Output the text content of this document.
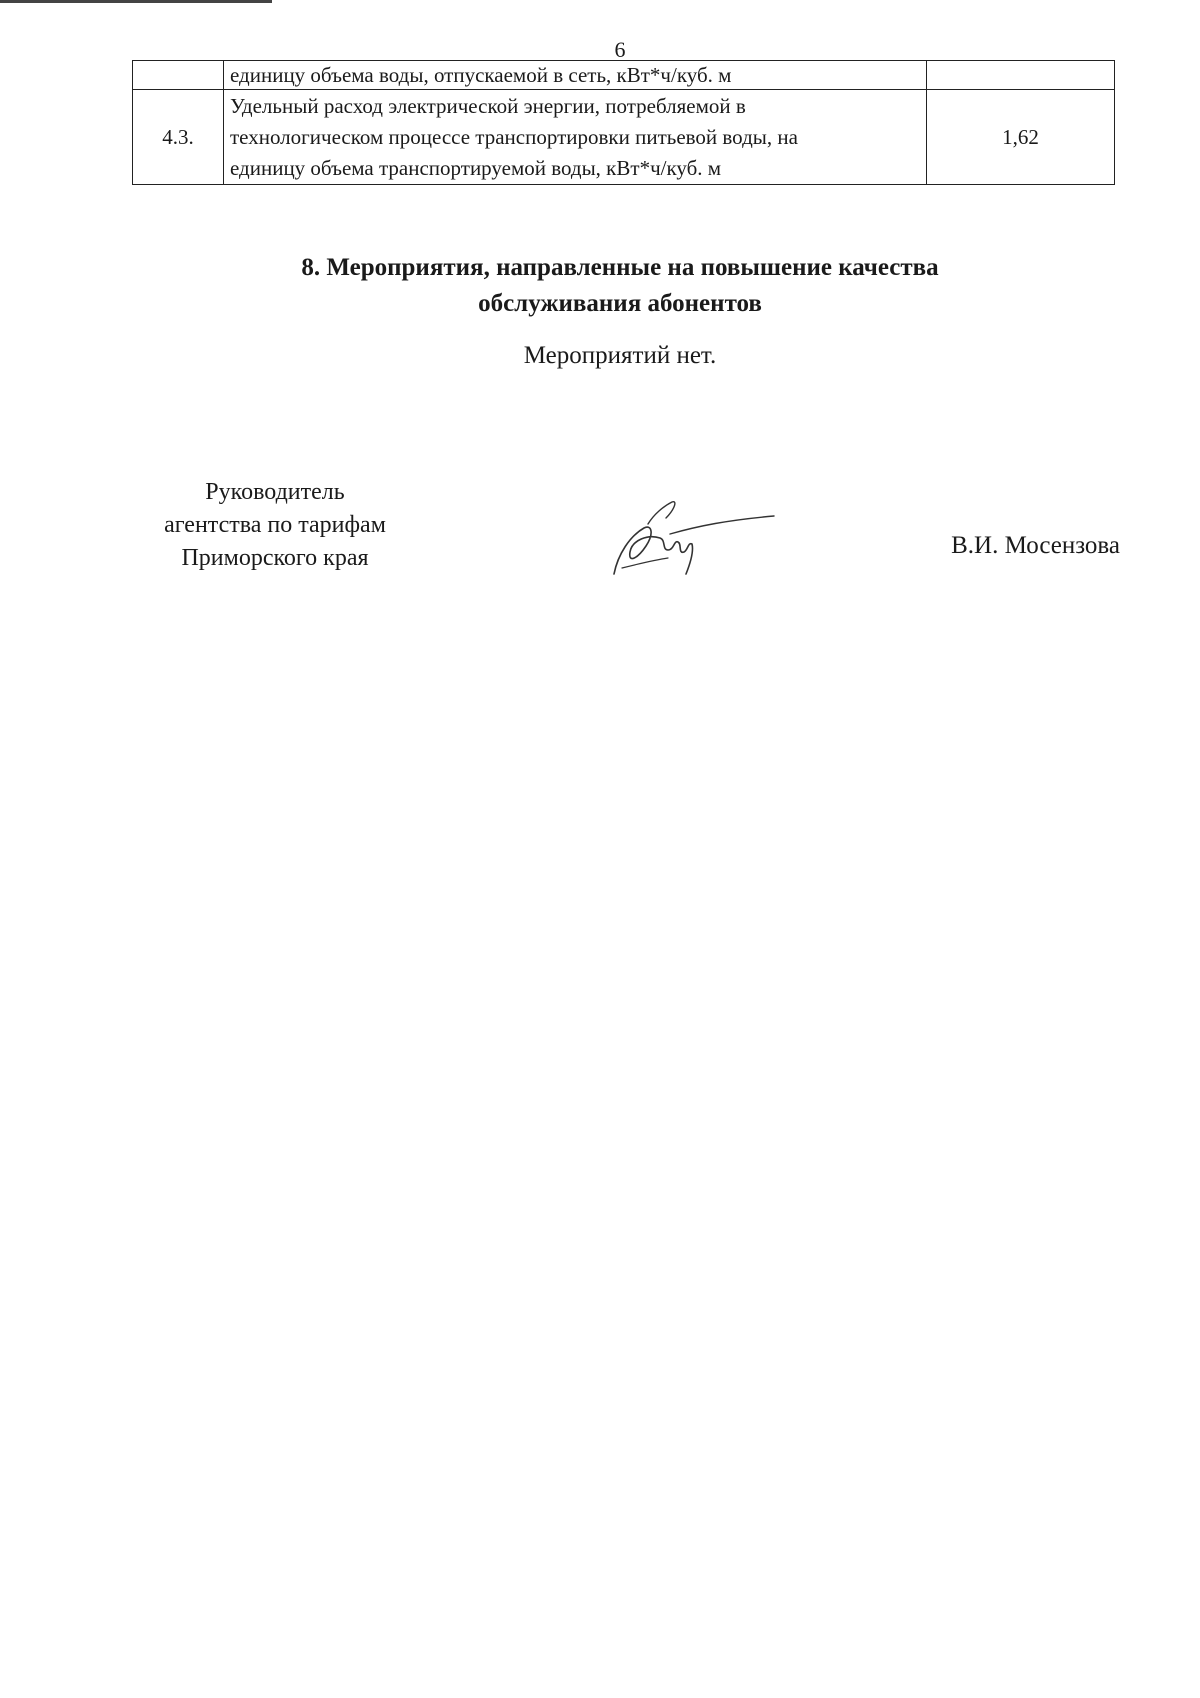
6

	единицу объема воды, отпускаемой в сеть, кВт*ч/куб. м	

4.3.	Удельный расход электрической энергии, потребляемой в
технологическом процессе транспортировки питьевой воды, на
единицу объема транспортируемой воды, кВт*ч/куб. м	1,62
8. Мероприятия, направленные на повышение качества
обслуживания абонентов
Мероприятий нет.
Руководитель
агентства по тарифам
Приморского края	В.И. Мосензова
